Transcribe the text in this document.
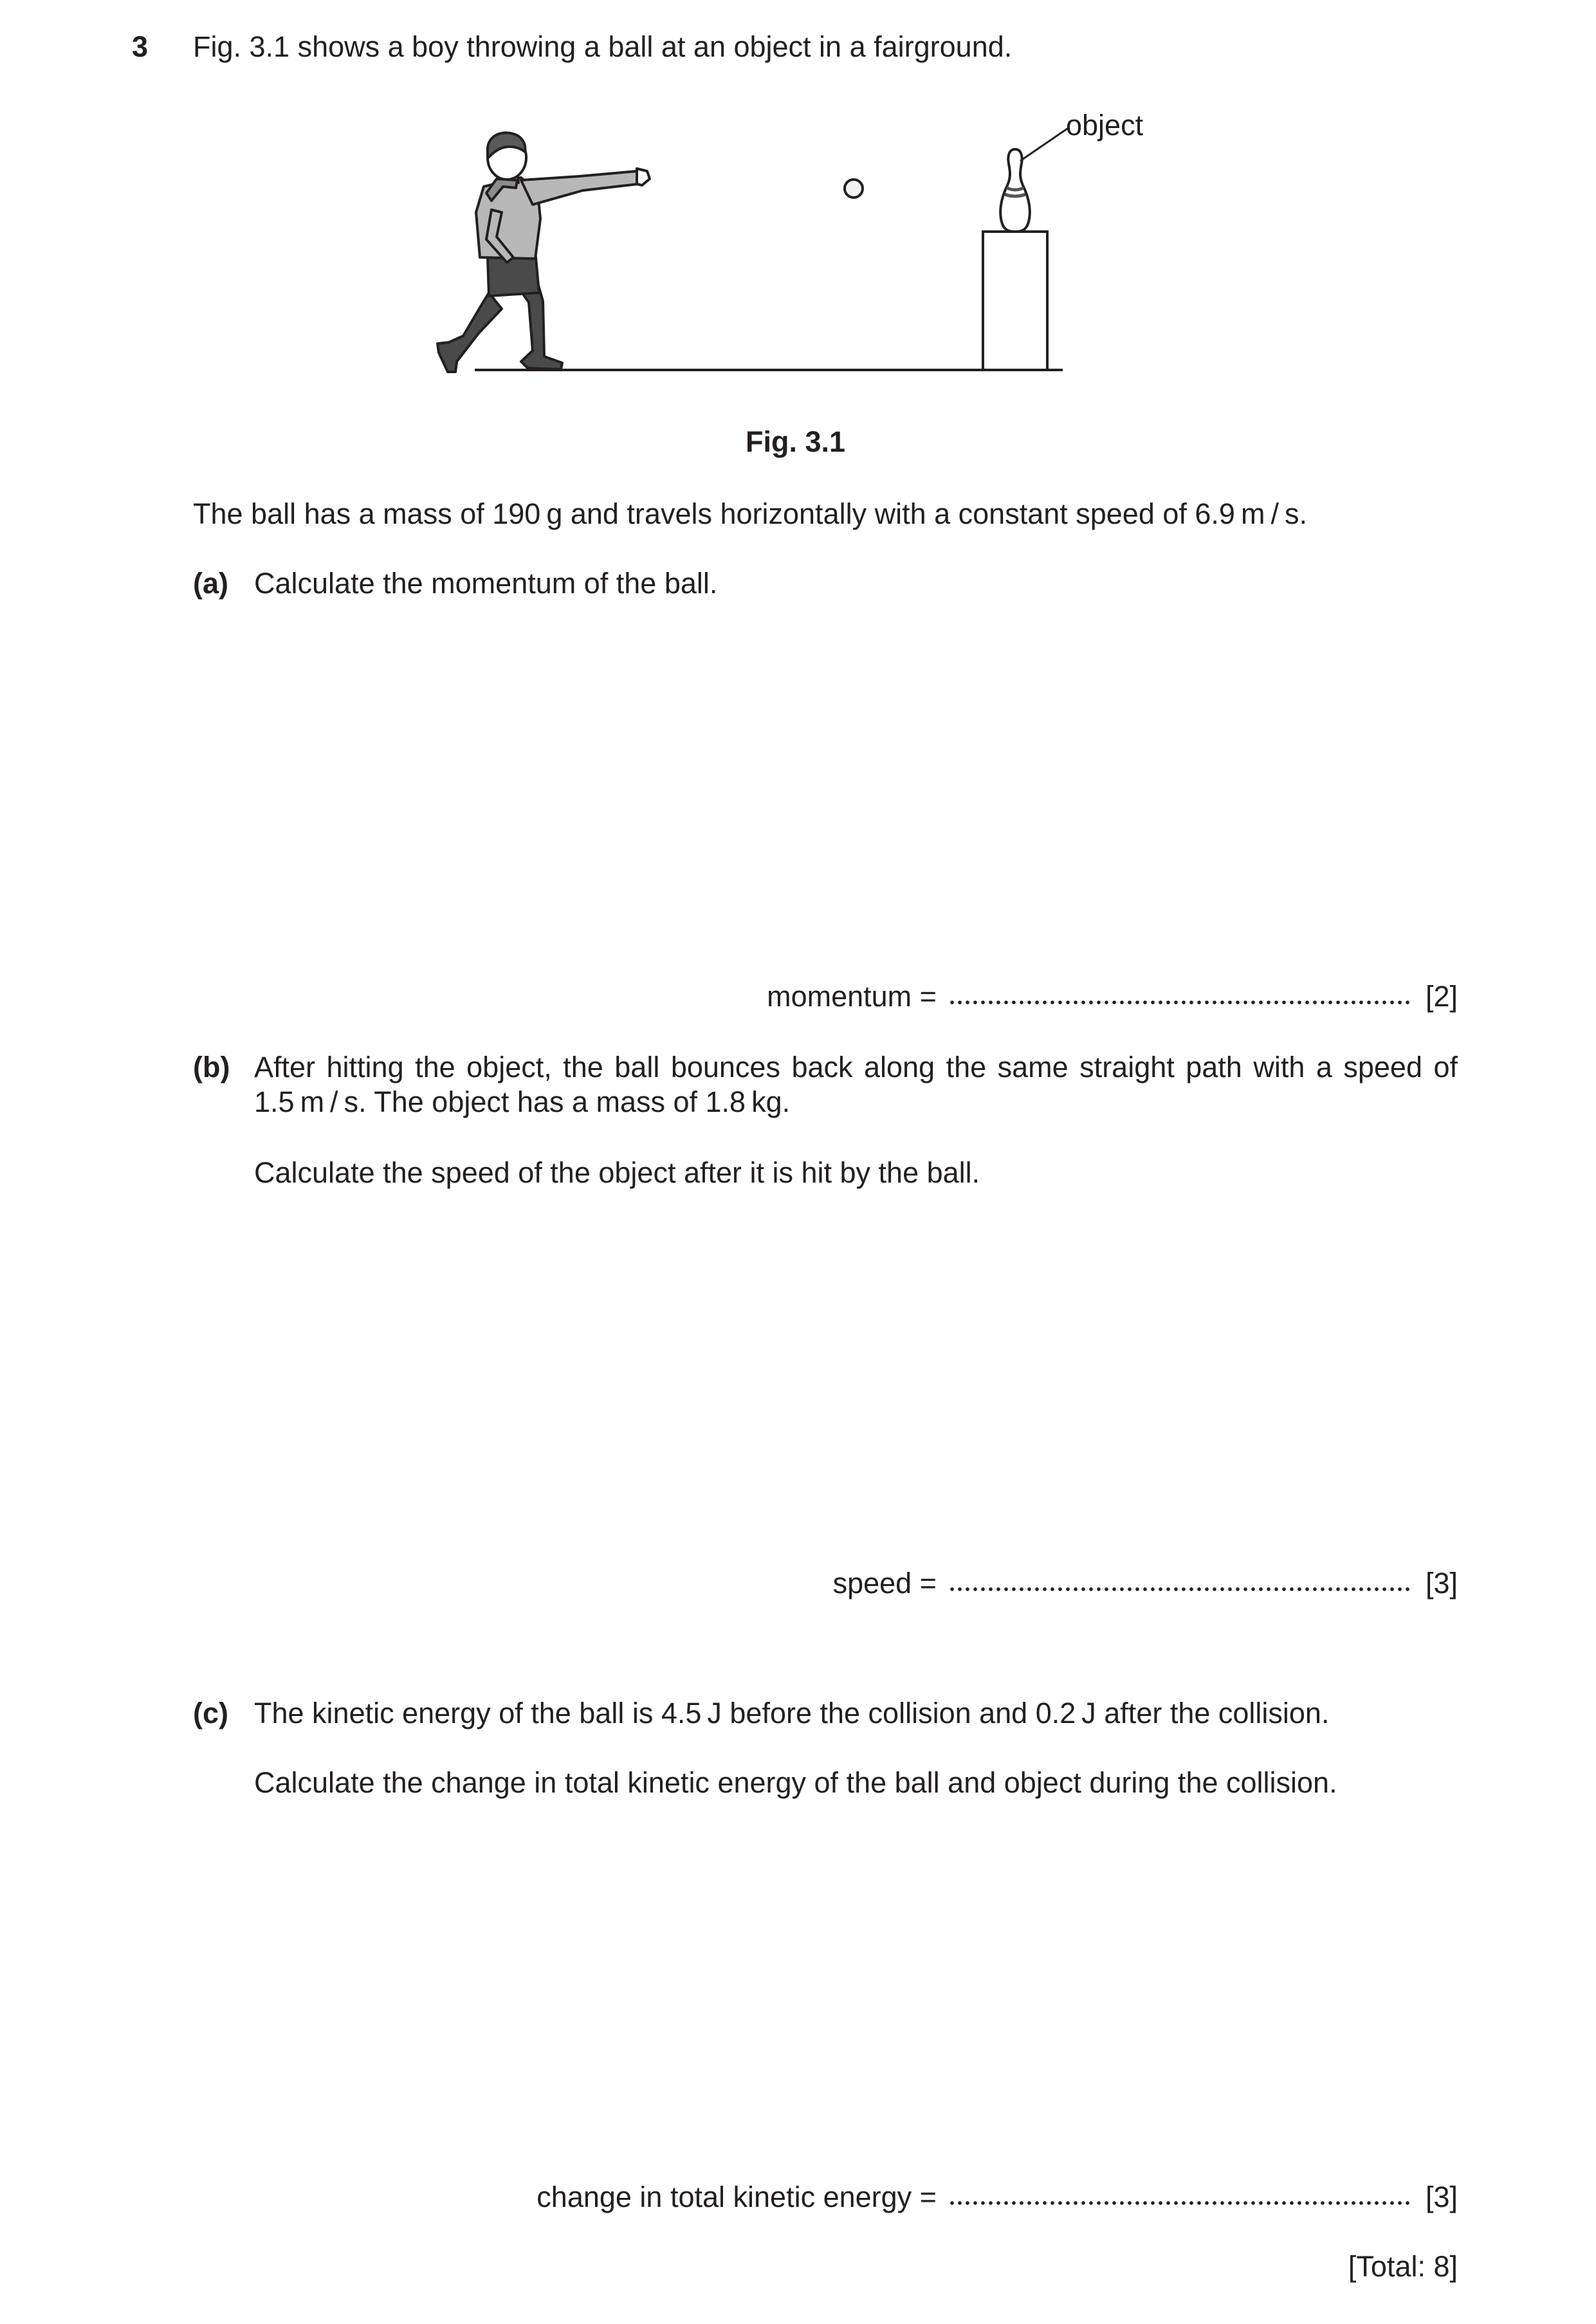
3 Fig. 3.1 shows a boy throwing a ball at an object in a fairground.
object
Fig. 3.1
The ball has a mass of 190 g and travels horizontally with a constant speed of 6.9 m / s.
(a) Calculate the momentum of the ball.
momentum =	[2]
(b) After hitting the object, the ball bounces back along the same straight path with a speed of 1.5 m / s. The object has a mass of 1.8 kg.
Calculate the speed of the object after it is hit by the ball.
speed =	[3]
(c) The kinetic energy of the ball is 4.5 J before the collision and 0.2 J after the collision.
Calculate the change in total kinetic energy of the ball and object during the collision.
change in total kinetic energy =	[3]
[Total: 8]
